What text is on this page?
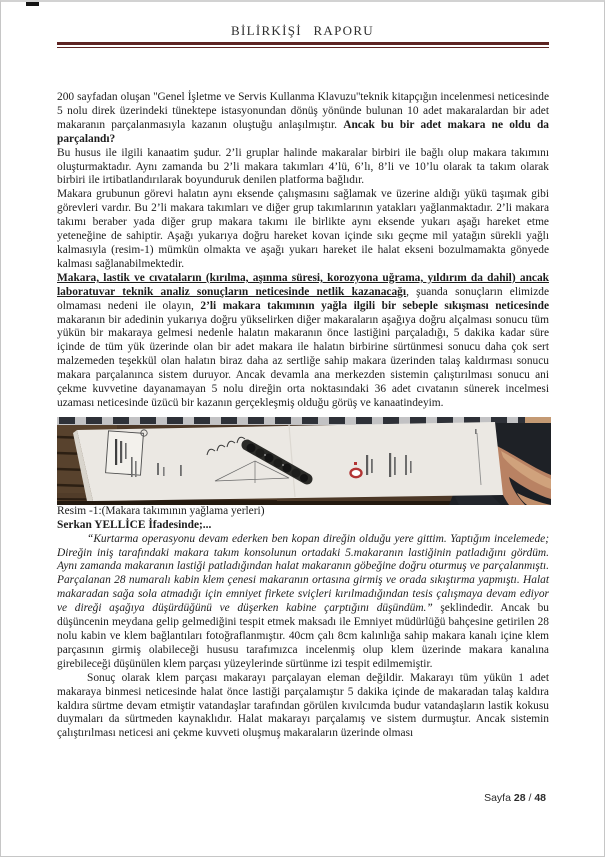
BİLİRKİŞİ RAPORU

200 sayfadan oluşan ''Genel İşletme ve Servis Kullanma Klavuzu''teknik kitapçığın incelenmesi neticesinde 5 nolu direk üzerindeki tünektepe istasyonundan dönüş yönünde bulunan 10 adet makaralardan bir adet makaranın parçalanmasıyla kazanın oluştuğu anlaşılmıştır. Ancak bu bir adet makara ne oldu da parçalandı?

Bu husus ile ilgili kanaatim şudur. 2’li gruplar halinde makaralar birbiri ile bağlı olup makara takımını oluşturmaktadır. Aynı zamanda bu 2’li makara takımları 4’lü, 6’lı, 8’li ve 10’lu olarak ta takım olarak birbiri ile irtibatlandırılarak boyunduruk denilen platforma bağlıdır.

Makara grubunun görevi halatın aynı eksende çalışmasını sağlamak ve üzerine aldığı yükü taşımak gibi görevleri vardır. Bu 2’li makara takımları ve diğer grup takımlarının yatakları yağlanmaktadır. 2’li makara takımı beraber yada diğer grup makara takımı ile birlikte aynı eksende yukarı aşağı hareket etme yeteneğine de sahiptir. Aşağı yukarıya doğru hareket kovan içinde sıkı geçme mil yatağın sürekli yağlı kalmasıyla (resim-1) mümkün olmakta ve aşağı yukarı hareket ile halat ekseni bozulmamakta gönyede kalması sağlanabilmektedir.

Makara, lastik ve cıvataların (kırılma, aşınma süresi, korozyona uğrama, yıldırım da dahil) ancak laboratuvar teknik analiz sonuçların neticesinde netlik kazanacağı, şuanda sonuçların elimizde olmaması nedeni ile olayın, 2’li makara takımının yağla ilgili bir sebeple sıkışması neticesinde makaranın bir adedinin yukarıya doğru yükselirken diğer makaraların aşağıya doğru alçalması sonucu tüm yükün bir makaraya gelmesi nedenle halatın makaranın önce lastiğini parçaladığı, 5 dakika kadar süre içinde de tüm yük üzerinde olan bir adet makara ile halatın birbirine sürtünmesi sonucu daha çok sert malzemeden teşekkül olan halatın biraz daha az sertliğe sahip makara üzerinden talaş kaldırması sonucu makara parçalanınca sistem duruyor. Ancak devamla ana merkezden sistemin çalıştırılması sonucu ani çekme kuvvetine dayanamayan 5 nolu direğin orta noktasındaki 36 adet cıvatanın sünerek incelmesi uzaması neticesinde üzücü bir kazanın gerçekleşmiş olduğu görüş ve kanaatindeyim.

Resim -1:(Makara takımının yağlama yerleri)

Serkan YELLİCE İfadesinde;...

“Kurtarma operasyonu devam ederken ben kopan direğin olduğu yere gittim. Yaptığım incelemede; Direğin iniş tarafındaki makara takım konsolunun ortadaki 5.makaranın lastiğinin patladığını gördüm. Aynı zamanda makaranın lastiği patladığından halat makaranın göbeğine doğru oturmuş ve parçalanmıştı. Parçalanan 28 numaralı kabin klem çenesi makaranın ortasına girmiş ve orada sıkıştırma yapmıştı. Halat makaradan sağa sola atmadığı için emniyet firkete sviçleri kırılmadığından tesis çalışmaya devam ediyor ve direği aşağıya düşürdüğünü ve düşerken kabine çarptığını düşündüm.” şeklindedir. Ancak bu düşüncenin meydana gelip gelmediğini tespit etmek maksadı ile Emniyet müdürlüğü bahçesine getirilen 28 nolu kabin ve klem bağlantıları fotoğraflanmıştır. 40cm çalı 8cm kalınlığa sahip makara kanalı içine klem parçasının girmiş olabileceği hususu tarafımızca incelenmiş olup klem üzerinde makara kanalına girebileceği düşünülen klem parçası yüzeylerinde sürtünme izi tespit edilmemiştir.

Sonuç olarak klem parçası makarayı parçalayan eleman değildir. Makarayı tüm yükün 1 adet makaraya binmesi neticesinde halat önce lastiği parçalamıştır 5 dakika içinde de makaradan talaş kaldıra kaldıra sürtme devam etmiştir vatandaşlar tarafından görülen kıvılcımda budur vatandaşların lastik kokusu duymaları da sürtmeden kaynaklıdır. Halat makarayı parçalamış ve sistem durmuştur. Ancak sistemin çalıştırılması neticesi ani çekme kuvveti oluşmuş makaraların üzerinde olması

Sayfa 28 / 48
